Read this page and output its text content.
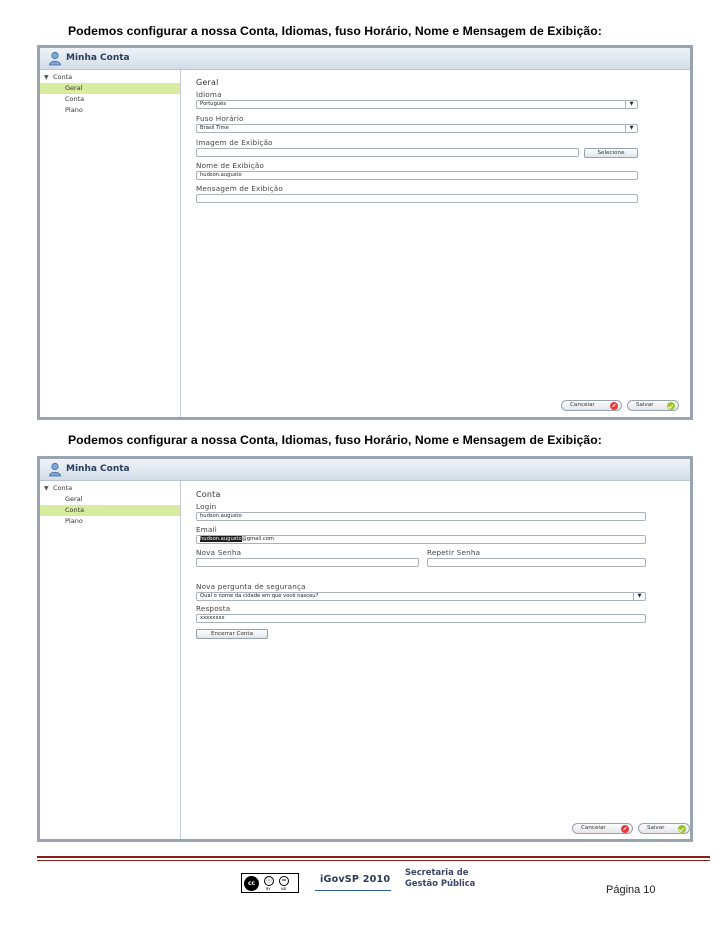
Podemos configurar a nossa Conta, Idiomas, fuso Horário, Nome e Mensagem de Exibição:
Minha Conta
▼ Conta
Geral
Conta
Plano
Geral
Idioma
Português	▼
Fuso Horário
Brasil Time	▼
Imagem de Exibição
Selecione
Nome de Exibição
hudson.augusto
Mensagem de Exibição
Cancelar	Salvar
Podemos configurar a nossa Conta, Idiomas, fuso Horário, Nome e Mensagem de Exibição:
Minha Conta
▼ Conta
Geral
Conta
Plano
Conta
Login
hudson.augusto
Email
hudson.augusto@gmail.com
Nova Senha	Repetir Senha
Nova pergunta de segurança
Qual o nome da cidade em que você nasceu?	▼
Resposta
xxxxxxxx
Encerrar Conta
Cancelar	Salvar
cc	ⓘ	=
BY	ND
iGovSP 2010
Secretaria de
Gestão Pública
Página 10
